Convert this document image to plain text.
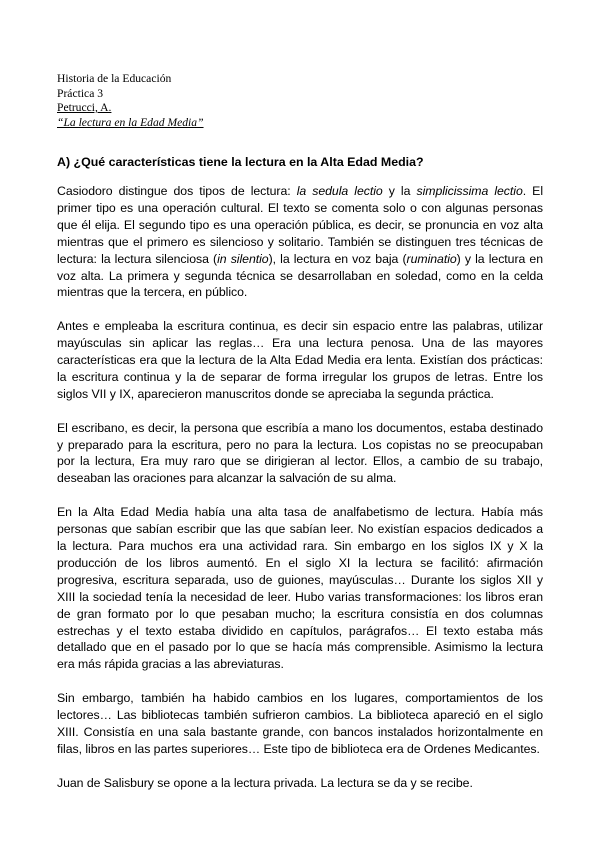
Historia de la Educación
Práctica 3
Petrucci, A.
“La lectura en la Edad Media”
A) ¿Qué características tiene la lectura en la Alta Edad Media?

Casiodoro distingue dos tipos de lectura: la sedula lectio y la simplicissima lectio. El primer tipo es una operación cultural. El texto se comenta solo o con algunas personas que él elija. El segundo tipo es una operación pública, es decir, se pronuncia en voz alta mientras que el primero es silencioso y solitario. También se distinguen tres técnicas de lectura: la lectura silenciosa (in silentio), la lectura en voz baja (ruminatio) y la lectura en voz alta. La primera y segunda técnica se desarrollaban en soledad, como en la celda mientras que la tercera, en público.

Antes e empleaba la escritura continua, es decir sin espacio entre las palabras, utilizar mayúsculas sin aplicar las reglas… Era una lectura penosa. Una de las mayores características era que la lectura de la Alta Edad Media era lenta. Existían dos prácticas: la escritura continua y la de separar de forma irregular los grupos de letras. Entre los siglos VII y IX, aparecieron manuscritos donde se apreciaba la segunda práctica.

El escribano, es decir, la persona que escribía a mano los documentos, estaba destinado y preparado para la escritura, pero no para la lectura. Los copistas no se preocupaban por la lectura, Era muy raro que se dirigieran al lector. Ellos, a cambio de su trabajo, deseaban las oraciones para alcanzar la salvación de su alma.

En la Alta Edad Media había una alta tasa de analfabetismo de lectura. Había más personas que sabían escribir que las que sabían leer. No existían espacios dedicados a la lectura. Para muchos era una actividad rara. Sin embargo en los siglos IX y X la producción de los libros aumentó. En el siglo XI la lectura se facilitó: afirmación progresiva, escritura separada, uso de guiones, mayúsculas… Durante los siglos XII y XIII la sociedad tenía la necesidad de leer. Hubo varias transformaciones: los libros eran de gran formato por lo que pesaban mucho; la escritura consistía en dos columnas estrechas y el texto estaba dividido en capítulos, parágrafos… El texto estaba más detallado que en el pasado por lo que se hacía más comprensible. Asimismo la lectura era más rápida gracias a las abreviaturas.

Sin embargo, también ha habido cambios en los lugares, comportamientos de los lectores… Las bibliotecas también sufrieron cambios. La biblioteca apareció en el siglo XIII. Consistía en una sala bastante grande, con bancos instalados horizontalmente en filas, libros en las partes superiores… Este tipo de biblioteca era de Ordenes Medicantes.

Juan de Salisbury se opone a la lectura privada. La lectura se da y se recibe.
